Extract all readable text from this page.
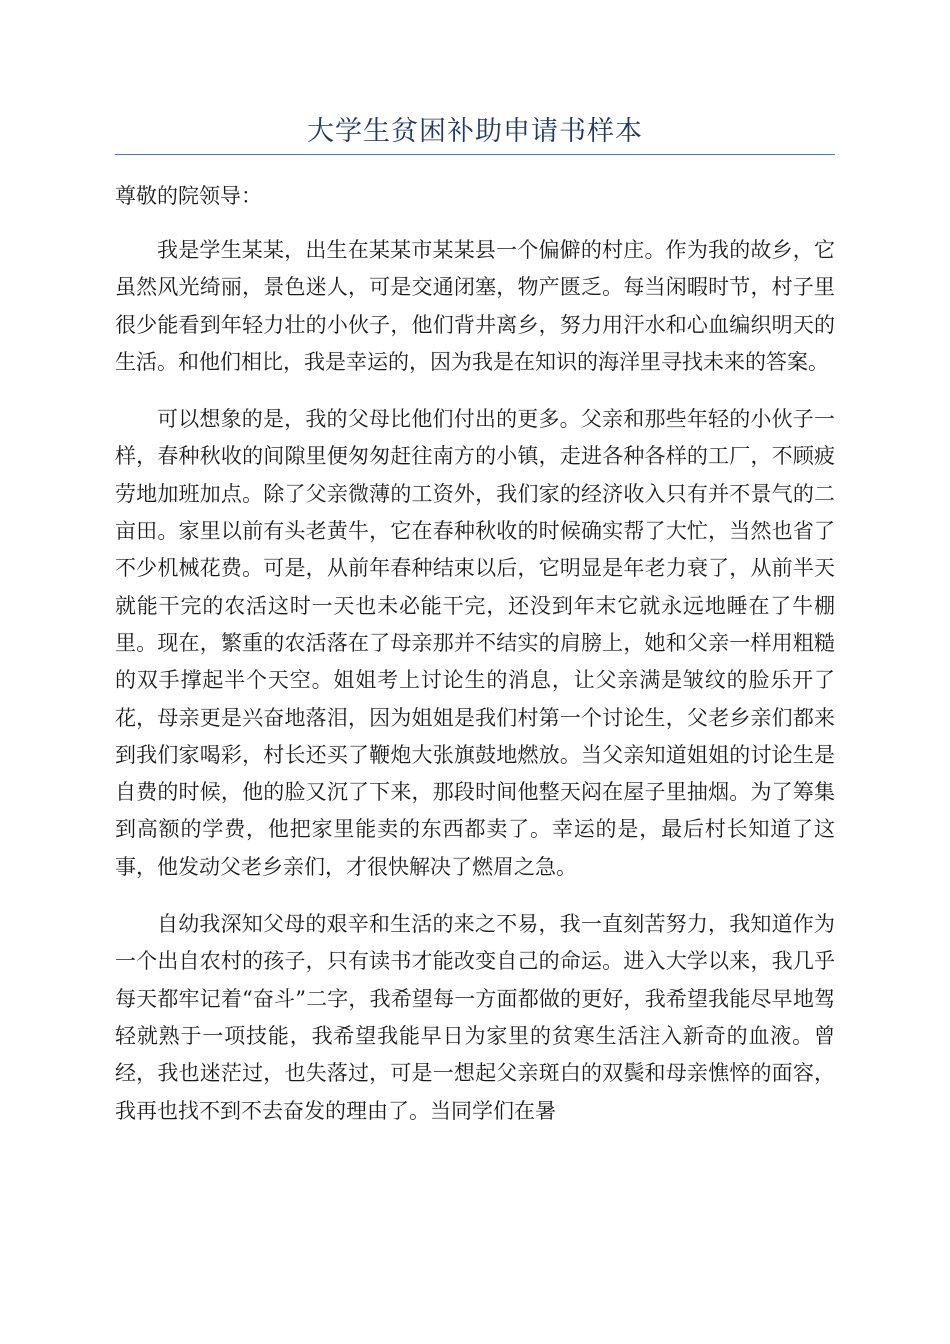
大学生贫困补助申请书样本

尊敬的院领导：

我是学生某某，出生在某某市某某县一个偏僻的村庄。作为我的故乡，它虽然风光绮丽，景色迷人，可是交通闭塞，物产匮乏。每当闲暇时节，村子里很少能看到年轻力壮的小伙子，他们背井离乡，努力用汗水和心血编织明天的生活。和他们相比，我是幸运的，因为我是在知识的海洋里寻找未来的答案。

可以想象的是，我的父母比他们付出的更多。父亲和那些年轻的小伙子一样，春种秋收的间隙里便匆匆赶往南方的小镇，走进各种各样的工厂，不顾疲劳地加班加点。除了父亲微薄的工资外，我们家的经济收入只有并不景气的二亩田。家里以前有头老黄牛，它在春种秋收的时候确实帮了大忙，当然也省了不少机械花费。可是，从前年春种结束以后，它明显是年老力衰了，从前半天就能干完的农活这时一天也未必能干完，还没到年末它就永远地睡在了牛棚里。现在，繁重的农活落在了母亲那并不结实的肩膀上，她和父亲一样用粗糙的双手撑起半个天空。姐姐考上讨论生的消息，让父亲满是皱纹的脸乐开了花，母亲更是兴奋地落泪，因为姐姐是我们村第一个讨论生，父老乡亲们都来到我们家喝彩，村长还买了鞭炮大张旗鼓地燃放。当父亲知道姐姐的讨论生是自费的时候，他的脸又沉了下来，那段时间他整天闷在屋子里抽烟。为了筹集到高额的学费，他把家里能卖的东西都卖了。幸运的是，最后村长知道了这事，他发动父老乡亲们，才很快解决了燃眉之急。

自幼我深知父母的艰辛和生活的来之不易，我一直刻苦努力，我知道作为一个出自农村的孩子，只有读书才能改变自己的命运。进入大学以来，我几乎每天都牢记着“奋斗”二字，我希望每一方面都做的更好，我希望我能尽早地驾轻就熟于一项技能，我希望我能早日为家里的贫寒生活注入新奇的血液。曾经，我也迷茫过，也失落过，可是一想起父亲斑白的双鬓和母亲憔悴的面容，我再也找不到不去奋发的理由了。当同学们在暑
